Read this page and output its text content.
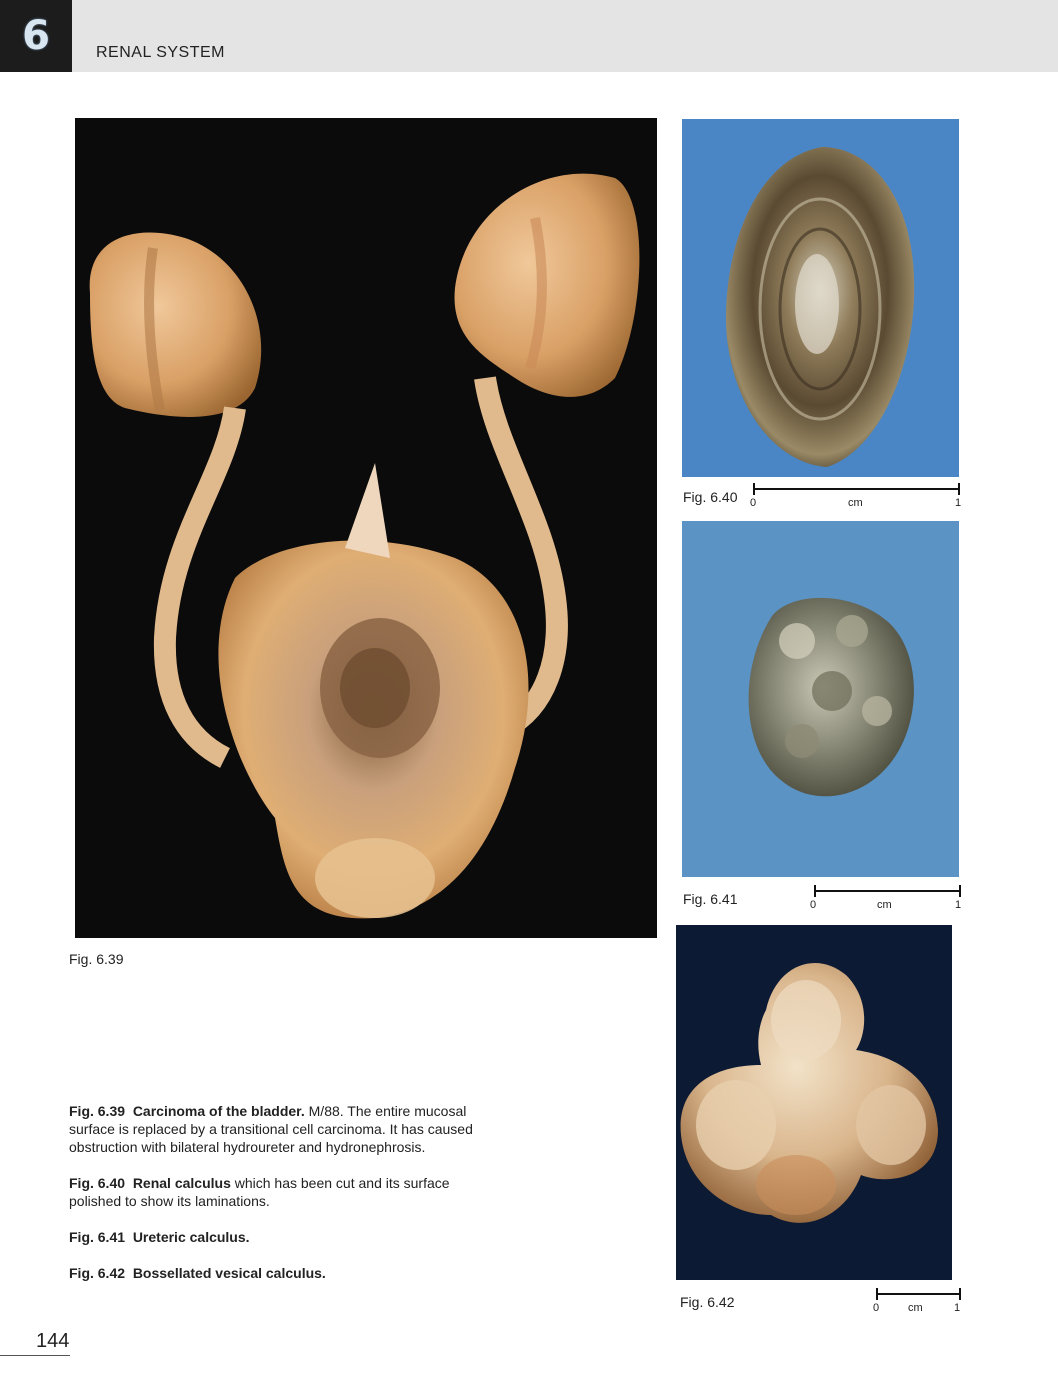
6	RENAL SYSTEM
Fig. 6.39
Fig. 6.40 0	cm	1
Fig. 6.41	0	cm	1
Fig. 6.42	0	cm	1

Fig. 6.39 Carcinoma of the bladder. M/88. The entire mucosal surface is replaced by a transitional cell carcinoma. It has caused obstruction with bilateral hydroureter and hydronephrosis.

Fig. 6.40 Renal calculus which has been cut and its surface polished to show its laminations.

Fig. 6.41 Ureteric calculus.

Fig. 6.42 Bossellated vesical calculus.

144
